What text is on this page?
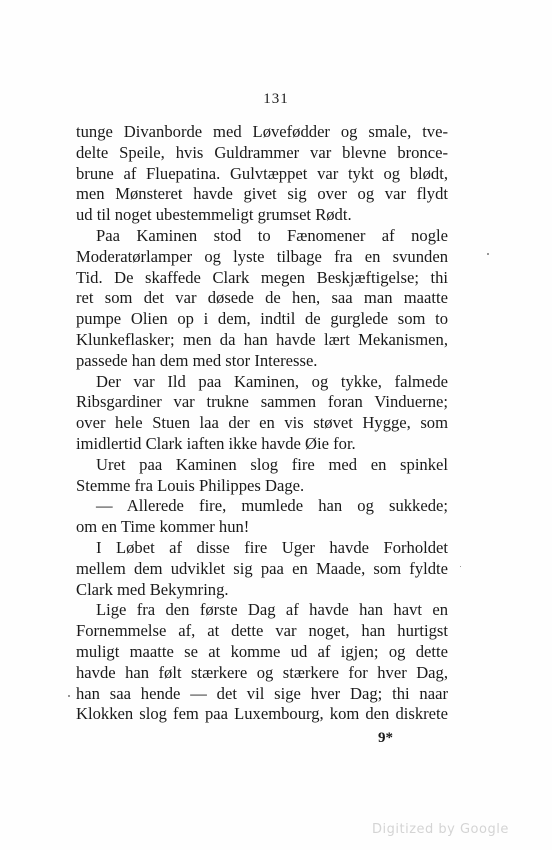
131
tunge Divanborde med Løvefødder og smale, tve-
delte Speile, hvis Guldrammer var blevne bronce-
brune af Fluepatina. Gulvtæppet var tykt og blødt,
men Mønsteret havde givet sig over og var flydt
ud til noget ubestemmeligt grumset Rødt.
Paa Kaminen stod to Fænomener af nogle
Moderatørlamper og lyste tilbage fra en svunden
Tid. De skaffede Clark megen Beskjæftigelse; thi
ret som det var døsede de hen, saa man maatte
pumpe Olien op i dem, indtil de gurglede som to
Klunkeflasker; men da han havde lært Mekanismen,
passede han dem med stor Interesse.
Der var Ild paa Kaminen, og tykke, falmede
Ribsgardiner var trukne sammen foran Vinduerne;
over hele Stuen laa der en vis støvet Hygge, som
imidlertid Clark iaften ikke havde Øie for.
Uret paa Kaminen slog fire med en spinkel
Stemme fra Louis Philippes Dage.
— Allerede fire, mumlede han og sukkede;
om en Time kommer hun!
I Løbet af disse fire Uger havde Forholdet
mellem dem udviklet sig paa en Maade, som fyldte
Clark med Bekymring.
Lige fra den første Dag af havde han havt en
Fornemmelse af, at dette var noget, han hurtigst
muligt maatte se at komme ud af igjen; og dette
havde han følt stærkere og stærkere for hver Dag,
han saa hende — det vil sige hver Dag; thi naar
Klokken slog fem paa Luxembourg, kom den diskrete
9*
Digitized by Google
